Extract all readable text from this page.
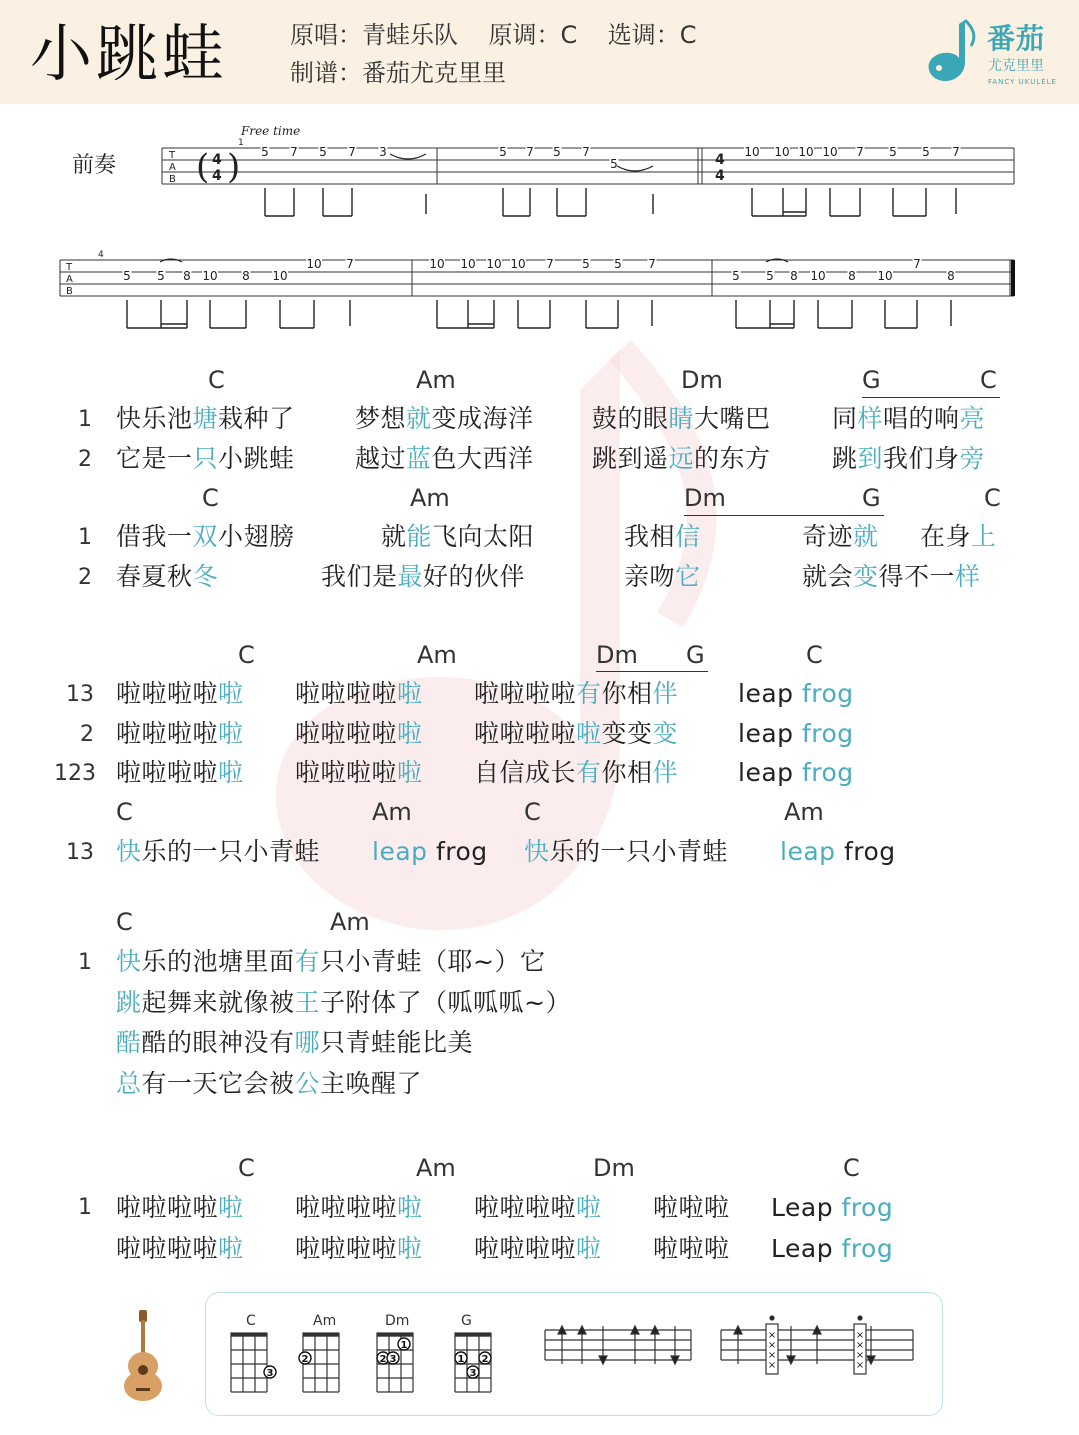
小跳蛙	原唱：青蛙乐队    原调：C    选调：C
制谱：番茄尤克里里
番茄
尤克里里
FANCY UKULELE
T
A
B
T
A
B
( )
4
4
4
4
Free time
1
4
5 7 5 7 3	5 7 5 7
5
10 10 10 10 7 5 5 7
5 5 8 10 8 10
10 7	10 10 10 10 7 5 5 7
5 5 8 10 8 10
7
8
前奏
C	Am	Dm	G	C
1 快乐池塘栽种了 梦想就变成海洋 鼓的眼睛大嘴巴 同样唱的响亮
2 它是一只小跳蛙 越过蓝色大西洋 跳到遥远的东方 跳到我们身旁
C	Am	Dm	G	C
1 借我一双小翅膀	就能飞向太阳	我相信	奇迹就 在身上
2 春夏秋冬	我们是最好的伙伴	亲吻它	就会变得不一样
C	Am	Dm G	C
13 啦啦啦啦啦 啦啦啦啦啦 啦啦啦啦有你相伴 leap frog
2 啦啦啦啦啦 啦啦啦啦啦 啦啦啦啦啦变变变 leap frog
123 啦啦啦啦啦 啦啦啦啦啦 自信成长有你相伴 leap frog
C	Am	C	Am
13 快乐的一只小青蛙 leap frog 快乐的一只小青蛙 leap frog
C	Am
1 快乐的池塘里面有只小青蛙（耶~）它
跳起舞来就像被王子附体了（呱呱呱~）
酷酷的眼神没有哪只青蛙能比美
总有一天它会被公主唤醒了
C	Am	Dm	C
1 啦啦啦啦啦 啦啦啦啦啦 啦啦啦啦啦 啦啦啦 Leap frog
啦啦啦啦啦 啦啦啦啦啦 啦啦啦啦啦 啦啦啦 Leap frog
C	Am	Dm	G
3
2
1
2 3	1 2
3
×
×
×
×
×
×
×
×
